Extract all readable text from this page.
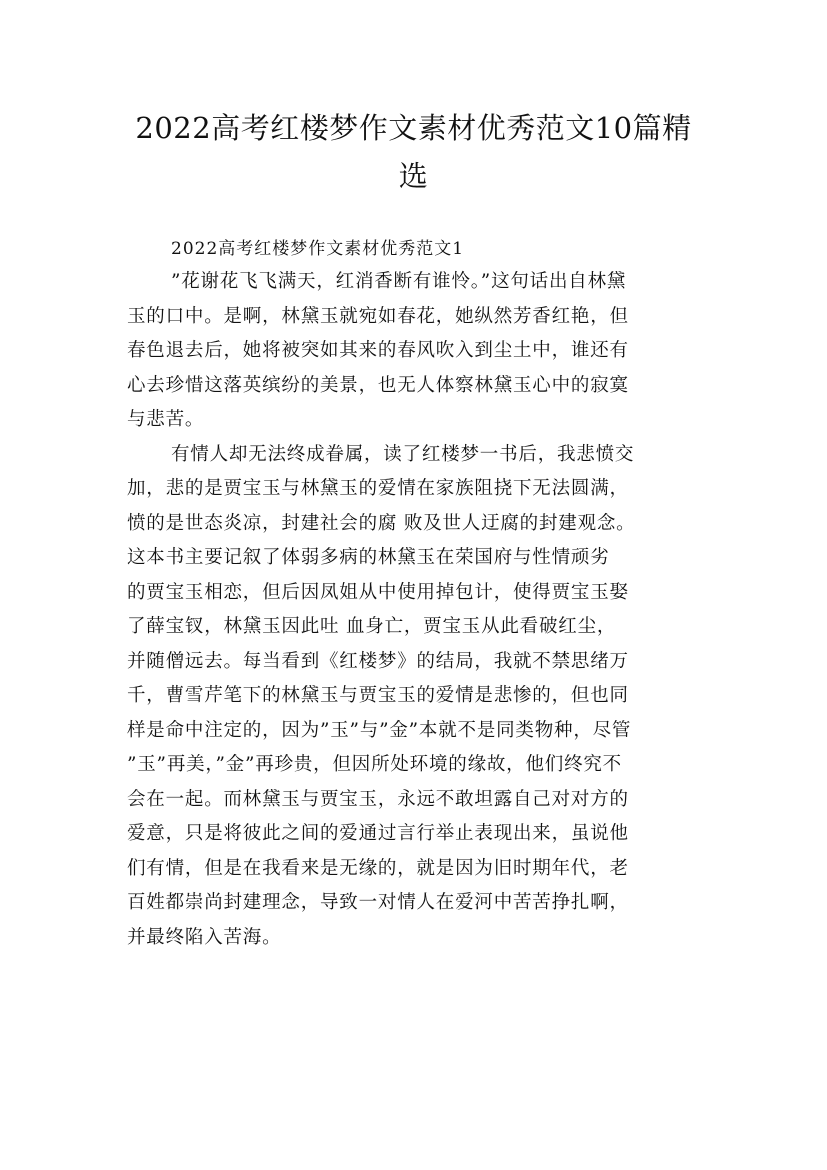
2022高考红楼梦作文素材优秀范文10篇精
选

2022高考红楼梦作文素材优秀范文1

”花谢花飞飞满天，红消香断有谁怜。”这句话出自林黛
玉的口中。是啊，林黛玉就宛如春花，她纵然芳香红艳，但
春色退去后，她将被突如其来的春风吹入到尘土中，谁还有
心去珍惜这落英缤纷的美景，也无人体察林黛玉心中的寂寞
与悲苦。

有情人却无法终成眷属，读了红楼梦一书后，我悲愤交
加，悲的是贾宝玉与林黛玉的爱情在家族阻挠下无法圆满，
愤的是世态炎凉，封建社会的腐 败及世人迂腐的封建观念。
这本书主要记叙了体弱多病的林黛玉在荣国府与性情顽劣
的贾宝玉相恋，但后因凤姐从中使用掉包计，使得贾宝玉娶
了薛宝钗，林黛玉因此吐 血身亡，贾宝玉从此看破红尘，
并随僧远去。每当看到《红楼梦》的结局，我就不禁思绪万
千，曹雪芹笔下的林黛玉与贾宝玉的爱情是悲惨的，但也同
样是命中注定的，因为”玉”与”金”本就不是同类物种，尽管
”玉”再美，”金”再珍贵，但因所处环境的缘故，他们终究不
会在一起。而林黛玉与贾宝玉，永远不敢坦露自己对对方的
爱意，只是将彼此之间的爱通过言行举止表现出来，虽说他
们有情，但是在我看来是无缘的，就是因为旧时期年代，老
百姓都崇尚封建理念，导致一对情人在爱河中苦苦挣扎啊，
并最终陷入苦海。
